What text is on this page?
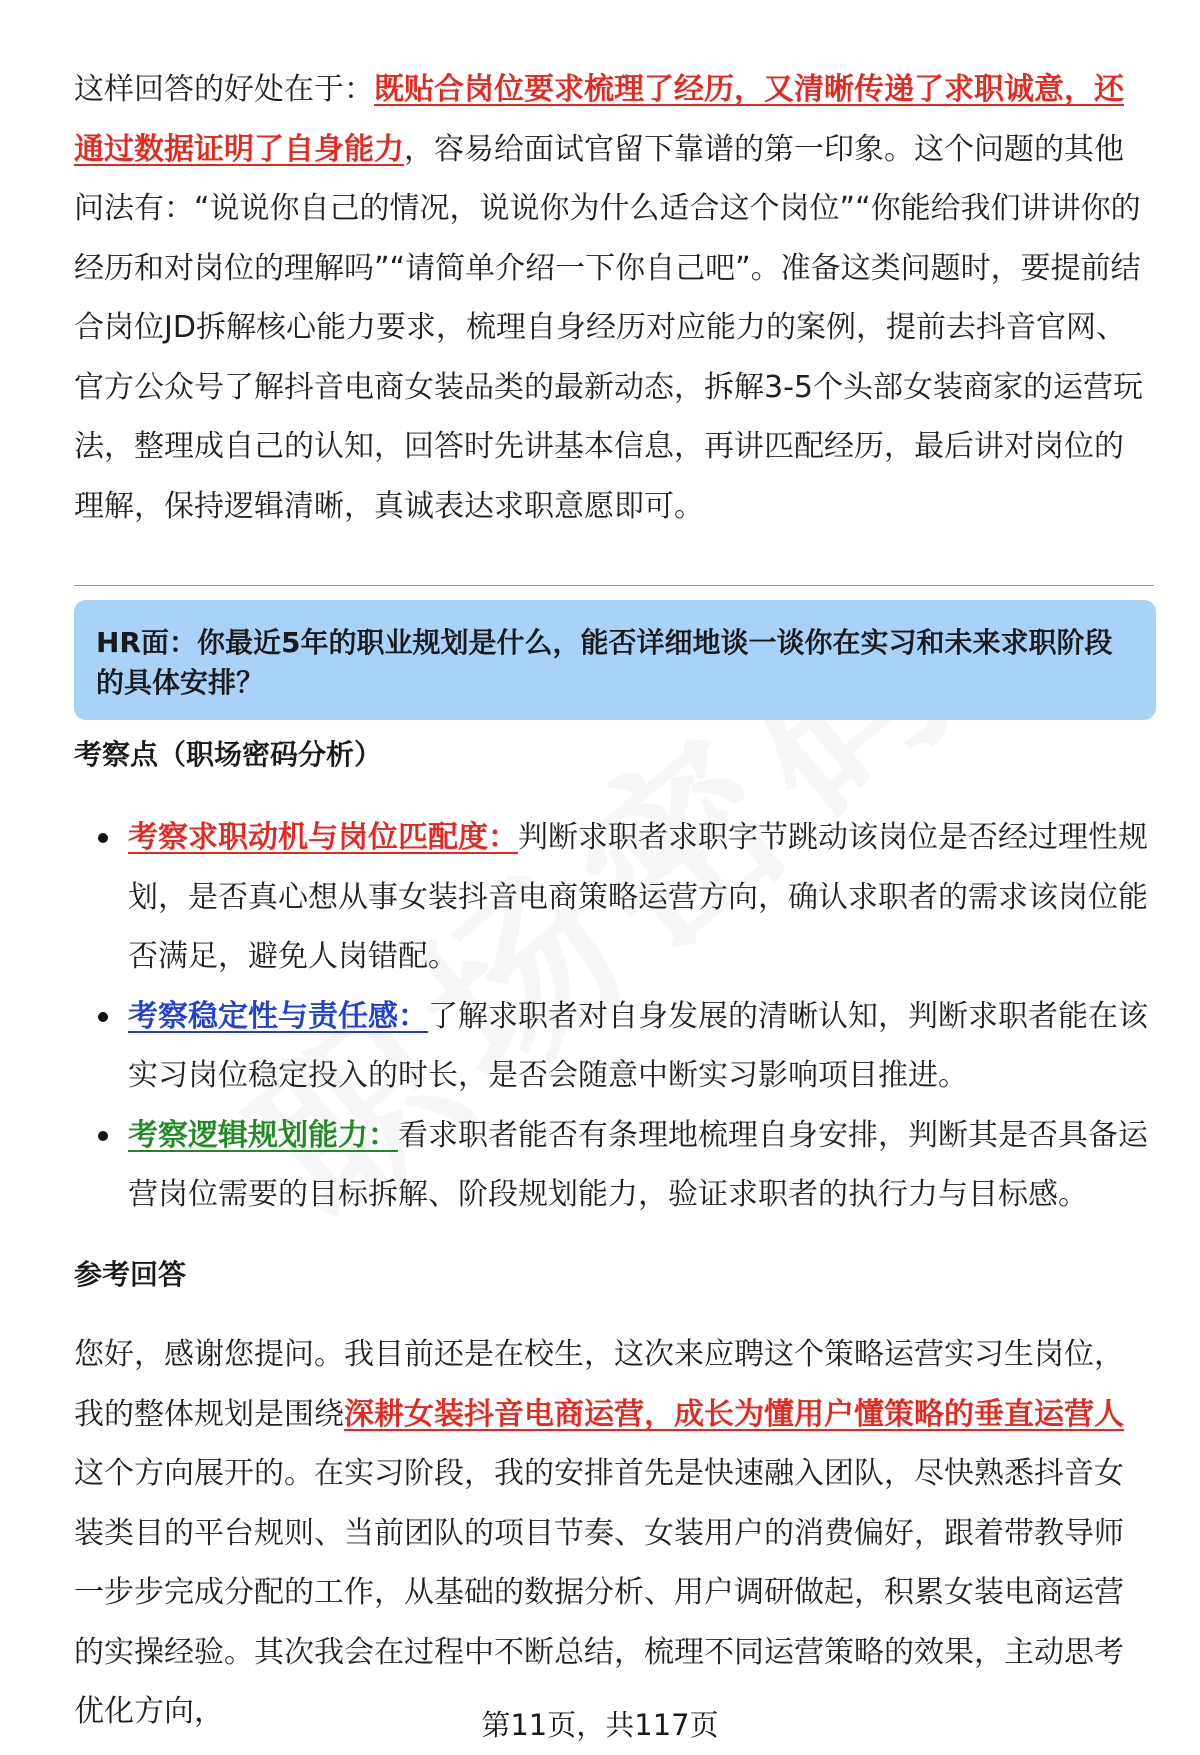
这样回答的好处在于：既贴合岗位要求梳理了经历，又清晰传递了求职诚意，还通过数据证明了自身能力，容易给面试官留下靠谱的第一印象。这个问题的其他问法有：“说说你自己的情况，说说你为什么适合这个岗位”“你能给我们讲讲你的经历和对岗位的理解吗”“请简单介绍一下你自己吧”。准备这类问题时，要提前结合岗位JD拆解核心能力要求，梳理自身经历对应能力的案例，提前去抖音官网、官方公众号了解抖音电商女装品类的最新动态，拆解3-5个头部女装商家的运营玩法，整理成自己的认知，回答时先讲基本信息，再讲匹配经历，最后讲对岗位的理解，保持逻辑清晰，真诚表达求职意愿即可。

HR面：你最近5年的职业规划是什么，能否详细地谈一谈你在实习和未来求职阶段的具体安排？

考察点（职场密码分析）
考察求职动机与岗位匹配度：判断求职者求职字节跳动该岗位是否经过理性规划，是否真心想从事女装抖音电商策略运营方向，确认求职者的需求该岗位能否满足，避免人岗错配。
考察稳定性与责任感：了解求职者对自身发展的清晰认知，判断求职者能在该实习岗位稳定投入的时长，是否会随意中断实习影响项目推进。
考察逻辑规划能力：看求职者能否有条理地梳理自身安排，判断其是否具备运营岗位需要的目标拆解、阶段规划能力，验证求职者的执行力与目标感。
参考回答

您好，感谢您提问。我目前还是在校生，这次来应聘这个策略运营实习生岗位，我的整体规划是围绕深耕女装抖音电商运营，成长为懂用户懂策略的垂直运营人这个方向展开的。在实习阶段，我的安排首先是快速融入团队，尽快熟悉抖音女装类目的平台规则、当前团队的项目节奏、女装用户的消费偏好，跟着带教导师一步步完成分配的工作，从基础的数据分析、用户调研做起，积累女装电商运营的实操经验。其次我会在过程中不断总结，梳理不同运营策略的效果，主动思考优化方向，	第11页，共117页
